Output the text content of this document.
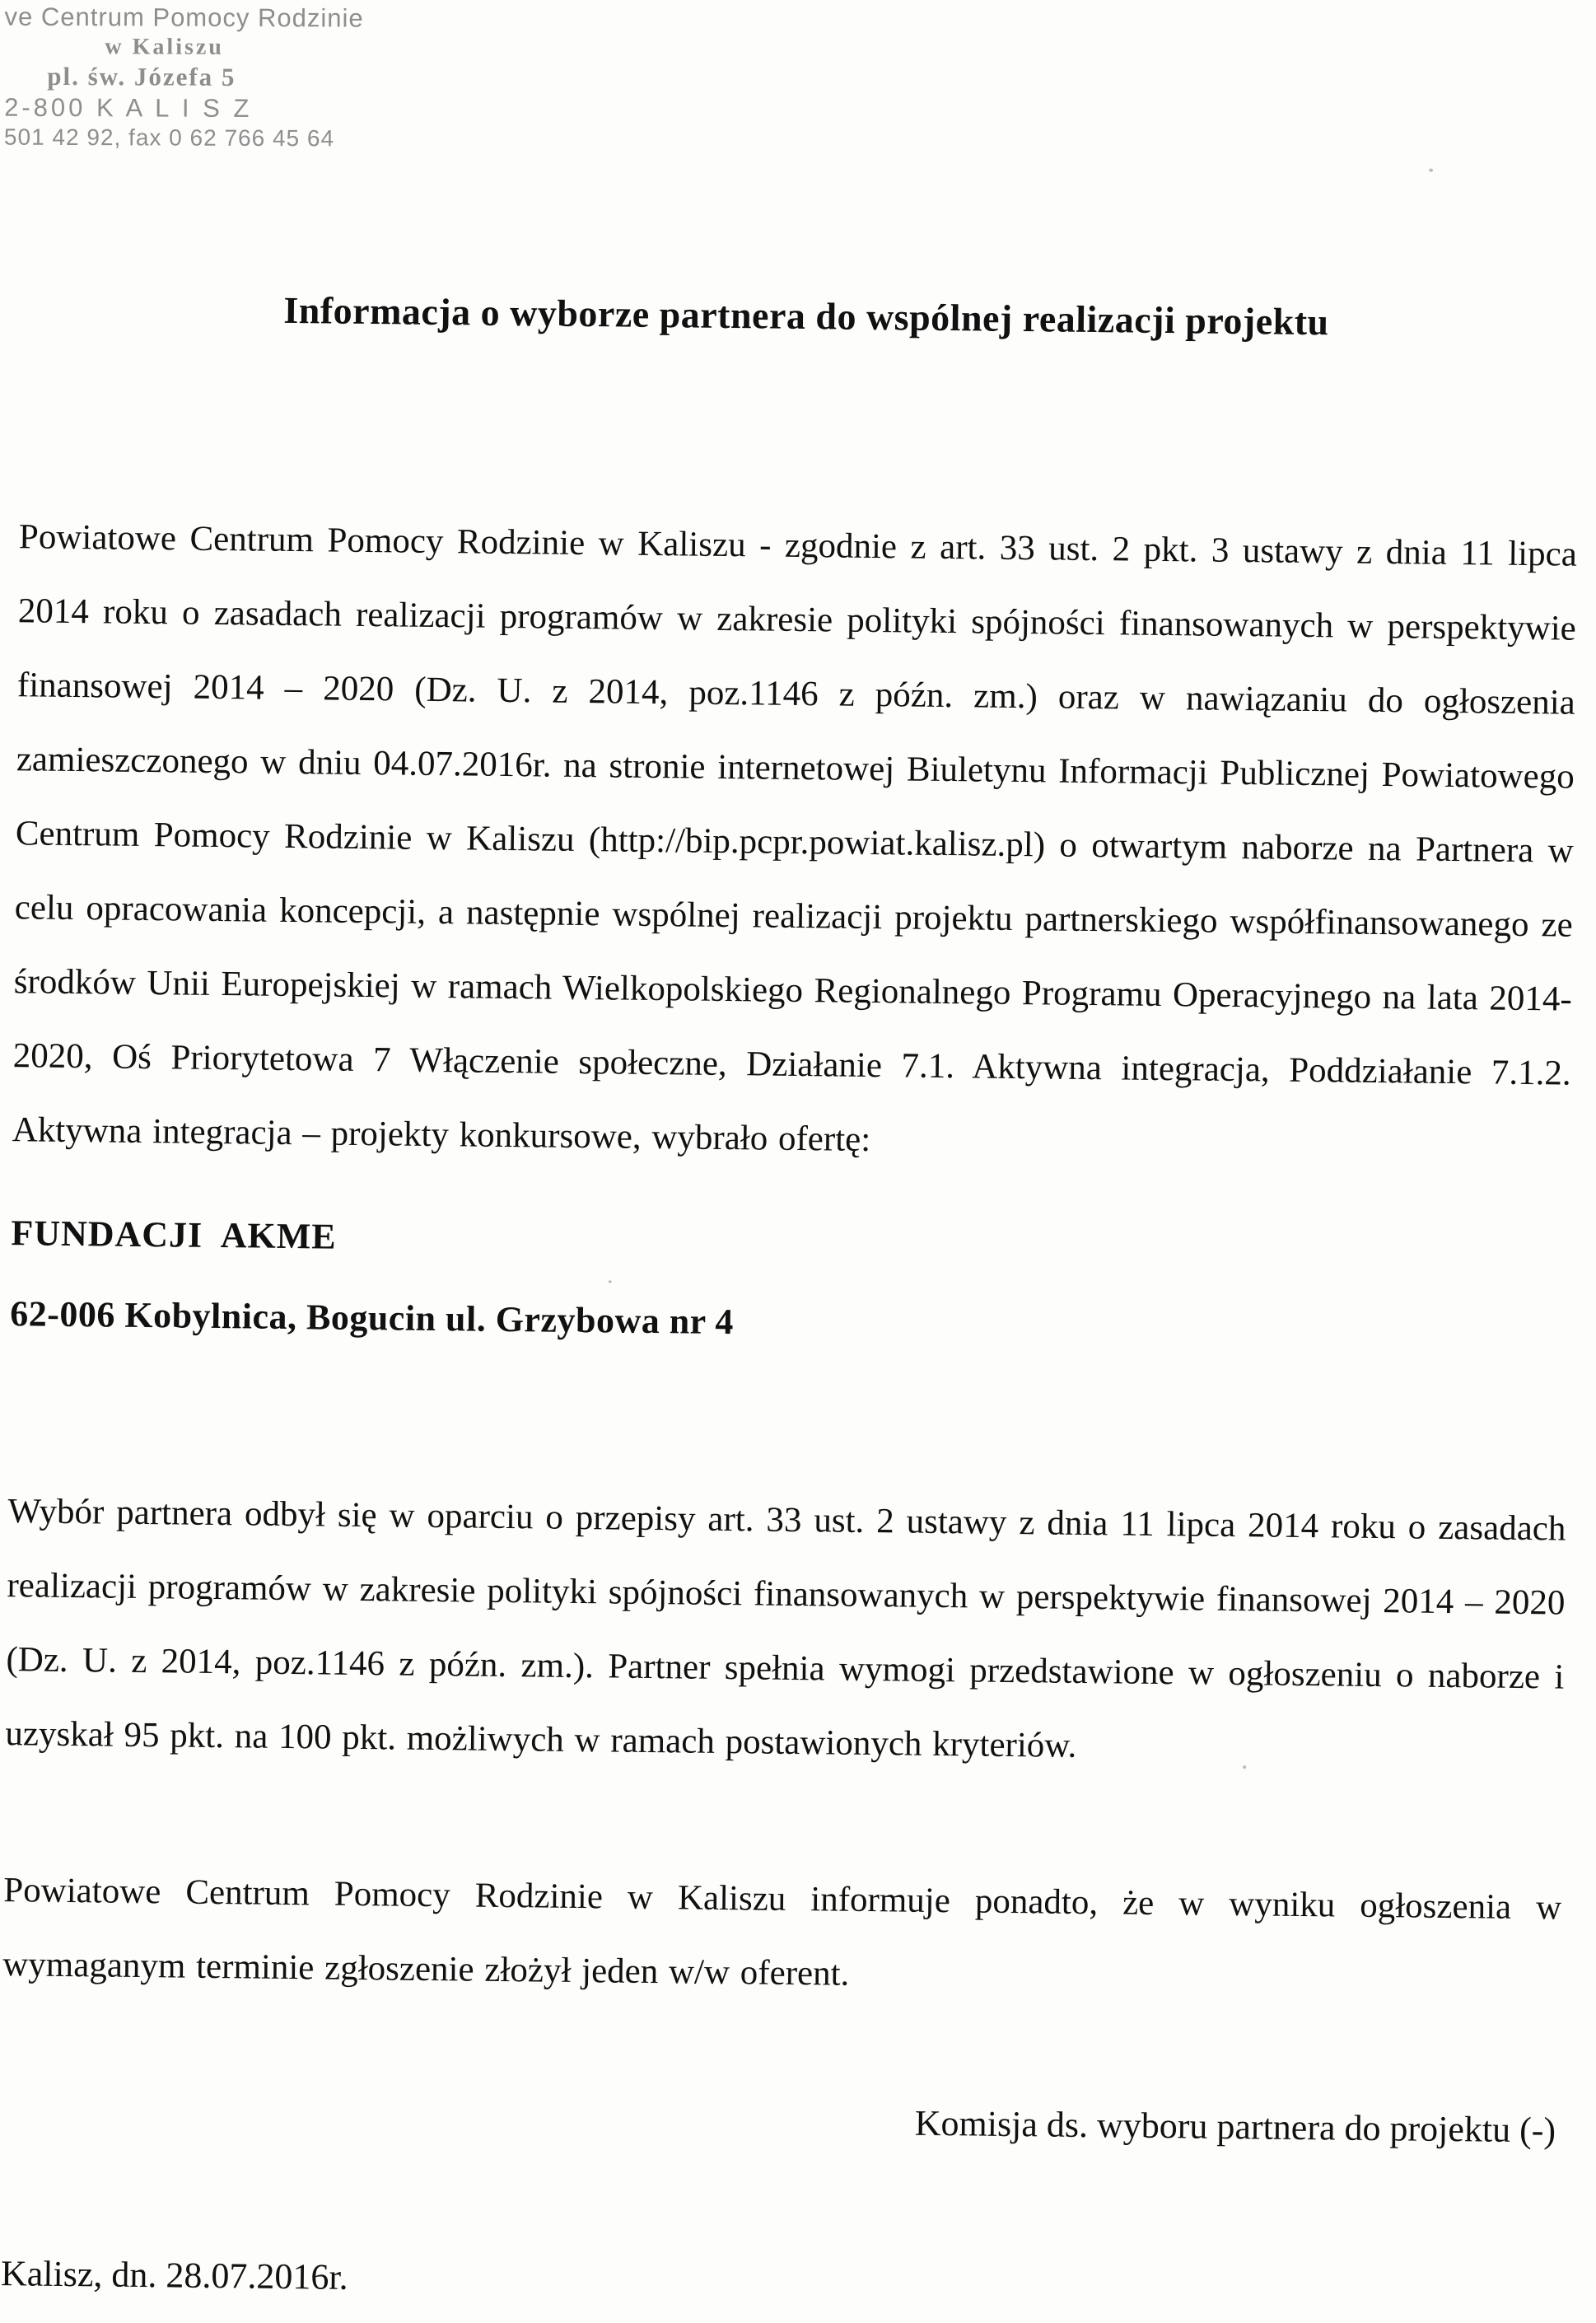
ve Centrum Pomocy Rodzinie
w Kaliszu
pl. św. Józefa 5
2-800 K A L I S Z
501 42 92, fax 0 62 766 45 64
Informacja o wyborze partnera do wspólnej realizacji projektu

Powiatowe Centrum Pomocy Rodzinie w Kaliszu - zgodnie z art. 33 ust. 2 pkt. 3 ustawy z dnia 11 lipca 2014 roku o zasadach realizacji programów w zakresie polityki spójności finansowanych w perspektywie finansowej 2014 – 2020 (Dz. U. z 2014, poz.1146 z późn. zm.) oraz w nawiązaniu do ogłoszenia zamieszczonego w dniu 04.07.2016r. na stronie internetowej Biuletynu Informacji Publicznej Powiatowego Centrum Pomocy Rodzinie w Kaliszu (http://bip.pcpr.powiat.kalisz.pl) o otwartym naborze na Partnera w celu opracowania koncepcji, a następnie wspólnej realizacji projektu partnerskiego współfinansowanego ze środków Unii Europejskiej w ramach Wielkopolskiego Regionalnego Programu Operacyjnego na lata 2014-2020, Oś Priorytetowa 7 Włączenie społeczne, Działanie 7.1. Aktywna integracja, Poddziałanie 7.1.2. Aktywna integracja – projekty konkursowe, wybrało ofertę:

FUNDACJI  AKME
62-006 Kobylnica, Bogucin ul. Grzybowa nr 4

Wybór partnera odbył się w oparciu o przepisy art. 33 ust. 2 ustawy z dnia 11 lipca 2014 roku o zasadach realizacji programów w zakresie polityki spójności finansowanych w perspektywie finansowej 2014 – 2020 (Dz. U. z 2014, poz.1146 z późn. zm.). Partner spełnia wymogi przedstawione w ogłoszeniu o naborze i uzyskał 95 pkt. na 100 pkt. możliwych w ramach postawionych kryteriów.

Powiatowe Centrum Pomocy Rodzinie w Kaliszu informuje ponadto, że w wyniku ogłoszenia w wymaganym terminie zgłoszenie złożył jeden w/w oferent.

Komisja ds. wyboru partnera do projektu (-)
Kalisz, dn. 28.07.2016r.
